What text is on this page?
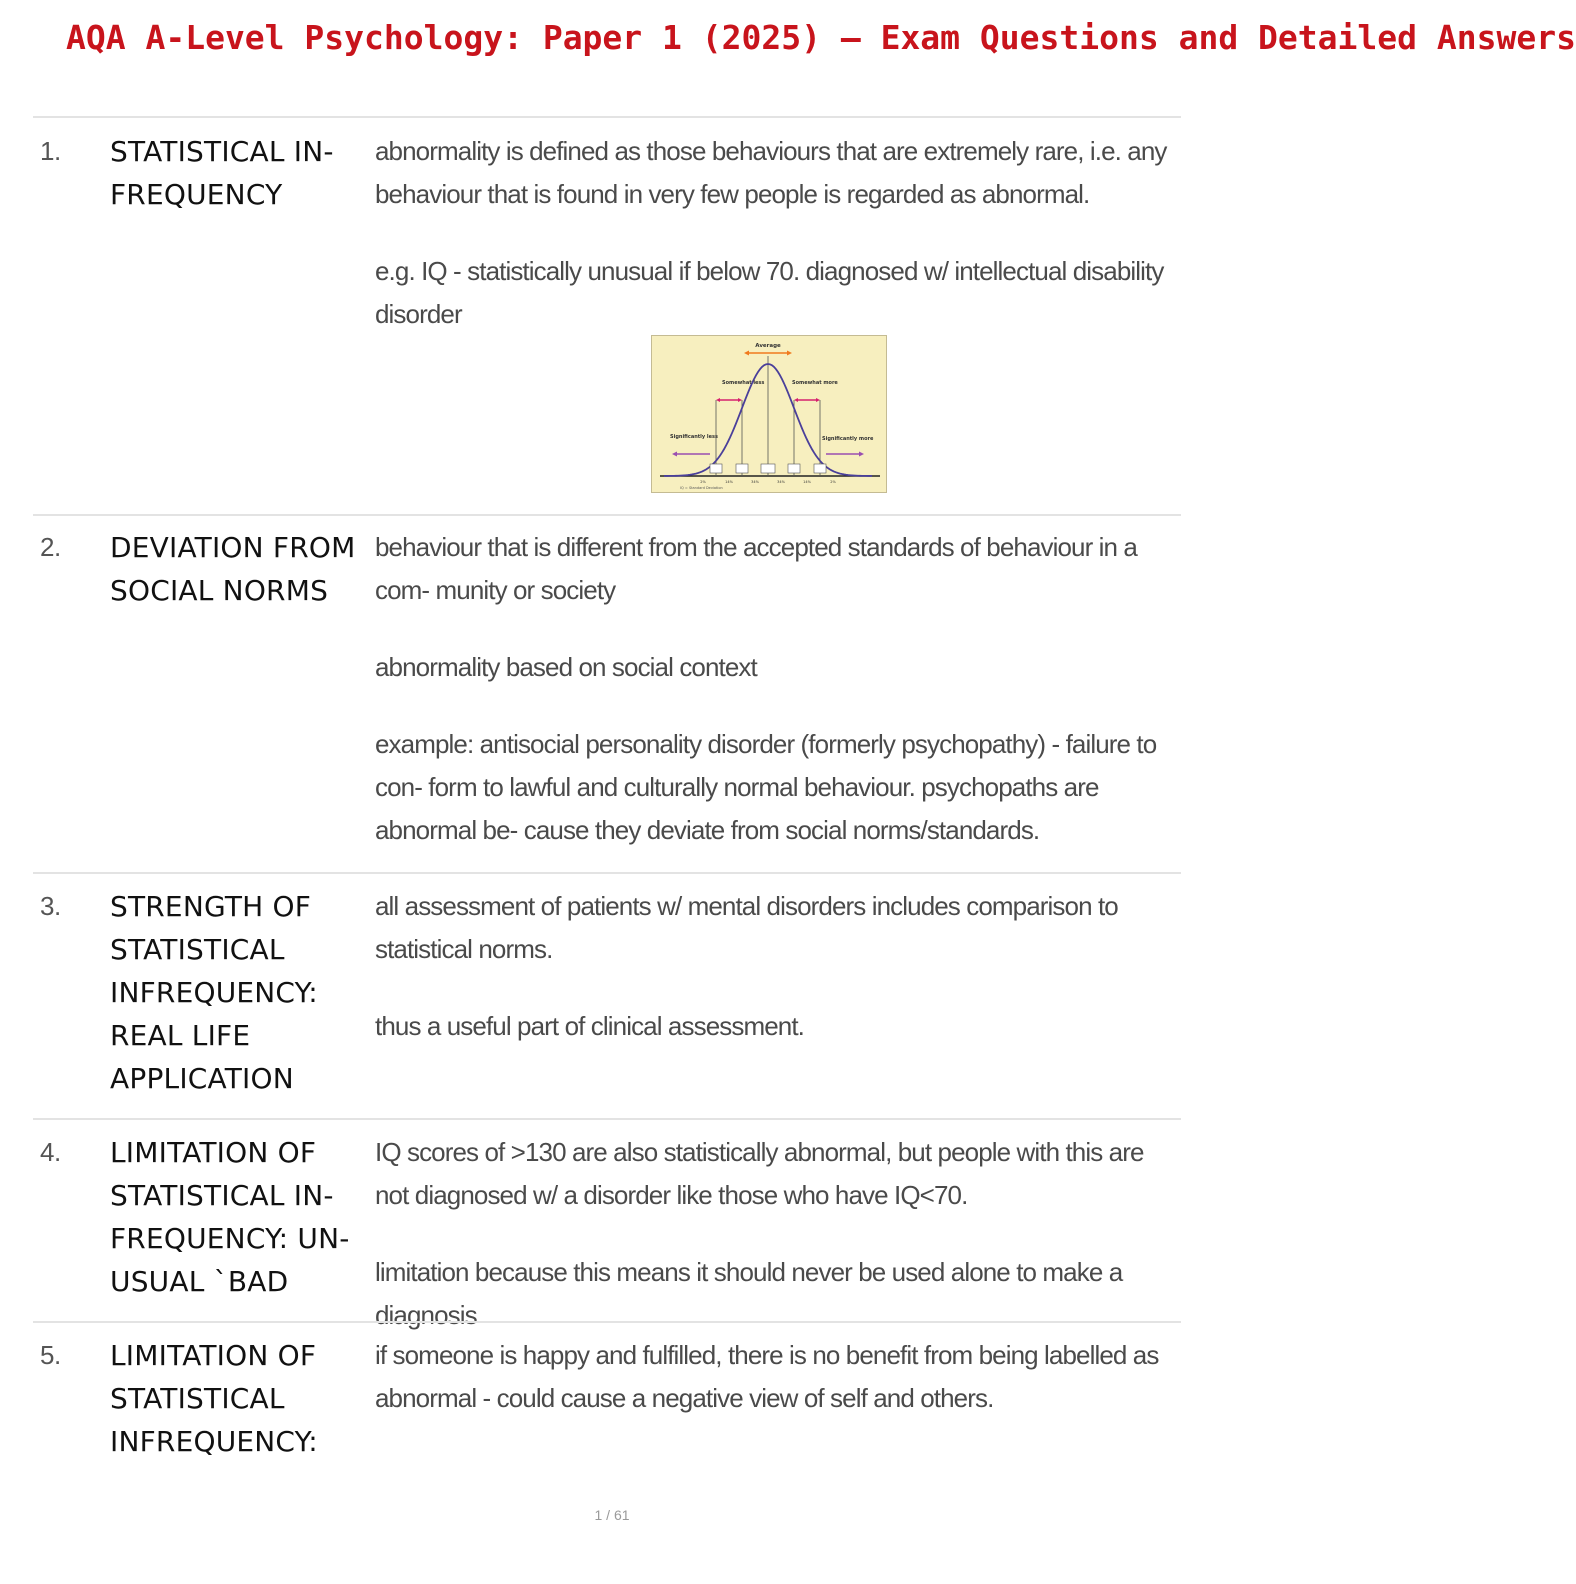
AQA A-Level Psychology: Paper 1 (2025) – Exam Questions and Detailed Answers
1.	STATISTICAL IN- FREQUENCY

abnormality is defined as those behaviours that are extremely rare, i.e. any behaviour that is found in very few people is regarded as abnormal.

e.g. IQ - statistically unusual if below 70. diagnosed w/ intellectual disability disorder

Average
Somewhat less	Somewhat more
Significantly less	Significantly more
2%	14%	34%	34%	14%	2%
IQ = Standard Deviation
2.	DEVIATION FROM SOCIAL NORMS

behaviour that is different from the accepted standards of behaviour in a com- munity or society

abnormality based on social context

example: antisocial personality disorder (formerly psychopathy) - failure to con- form to lawful and culturally normal behaviour. psychopaths are abnormal be- cause they deviate from social norms/standards.

3.	STRENGTH OF STATISTICAL INFREQUENCY: REAL LIFE APPLICATION

all assessment of patients w/ mental disorders includes comparison to statistical norms.

thus a useful part of clinical assessment.

4.	LIMITATION OF STATISTICAL IN- FREQUENCY: UN- USUAL `BAD

IQ scores of >130 are also statistically abnormal, but people with this are not diagnosed w/ a disorder like those who have IQ<70.

limitation because this means it should never be used alone to make a diagnosis

5.	LIMITATION OF STATISTICAL INFREQUENCY:

if someone is happy and fulfilled, there is no benefit from being labelled as abnormal - could cause a negative view of self and others.

1 / 61
